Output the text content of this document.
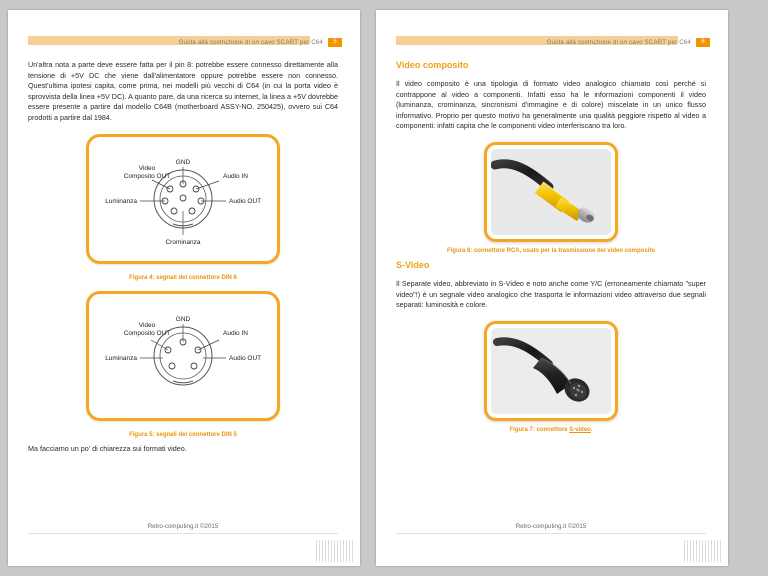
Guida alla costruzione di un cavo SCART per C64	5

Un'altra nota a parte deve essere fatta per il pin 8: potrebbe essere connesso direttamente alla tensione di +5V DC che viene dall'alimentatore oppure potrebbe essere non connesso. Quest'ultima ipotesi capita, come prima, nei modelli più vecchi di C64 (in cui la porta video è sprovvista della linea +5V DC). A quanto pare, da una ricerca su internet, la linea a +5V dovrebbe essere presente a partire dal modello C64B (motherboard ASSY-NO. 250425), ovvero sui C64 prodotti a partire dal 1984.

GND
Video
Composito OUT	Audio IN
Luminanza	Audio OUT
Crominanza
Figura 4: segnali del connettore DIN 8
GND
Video
Composito OUT	Audio IN
Luminanza	Audio OUT
Figura 5: segnali del connettore DIN 5

Ma facciamo un po' di chiarezza sui formati video.

Retro-computing.it ©2015
Guida alla costruzione di un cavo SCART per C64	6
Video composito

Il video composito è una tipologia di formato video analogico chiamato così perché si contrappone al video a componenti. Infatti esso ha le informazioni componenti il video (luminanza, crominanza, sincronismi d'immagine e di colore) miscelate in un unico flusso informativo. Proprio per questo motivo ha generalmente una qualità peggiore rispetto al video a componenti: infatti capita che le componenti video interferiscano tra loro.

Figura 6: connettore RCA, usato per la trasmissione del video composito
S-Video

Il Separate video, abbreviato in S-Video e noto anche come Y/C (erroneamente chiamato "super video"!) è un segnale video analogico che trasporta le informazioni video attraverso due segnali separati: luminosità e colore.

Figura 7: connettore S-video.
Retro-computing.it ©2015
